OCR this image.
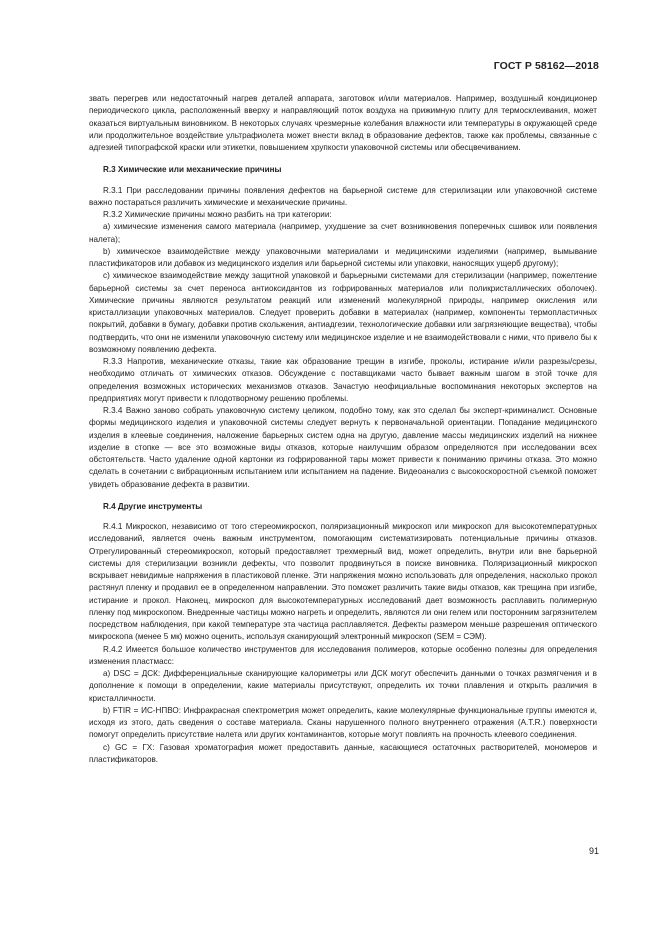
ГОСТ Р 58162—2018

звать перегрев или недостаточный нагрев деталей аппарата, заготовок и/или материалов. Например, воздушный кондиционер периодического цикла, расположенный вверху и направляющий поток воздуха на прижимную плиту для термосклеивания, может оказаться виртуальным виновником. В некоторых случаях чрезмерные колебания влажности или температуры в окружающей среде или продолжительное воздействие ультрафиолета может внести вклад в образование дефектов, также как проблемы, связанные с адгезией типографской краски или этикетки, повышением хрупкости упаковочной системы или обесцвечиванием.

R.3 Химические или механические причины

R.3.1 При расследовании причины появления дефектов на барьерной системе для стерилизации или упаковочной системе важно постараться различить химические и механические причины.

R.3.2 Химические причины можно разбить на три категории:

a) химические изменения самого материала (например, ухудшение за счет возникновения поперечных сшивок или появления налета);

b) химическое взаимодействие между упаковочными материалами и медицинскими изделиями (например, вымывание пластификаторов или добавок из медицинского изделия или барьерной системы или упаковки, наносящих ущерб другому);

c) химическое взаимодействие между защитной упаковкой и барьерными системами для стерилизации (например, пожелтение барьерной системы за счет переноса антиоксидантов из гофрированных материалов или поликристаллических оболочек). Химические причины являются результатом реакций или изменений молекулярной природы, например окисления или кристаллизации упаковочных материалов. Следует проверить добавки в материалах (например, компоненты термопластичных покрытий, добавки в бумагу, добавки против скольжения, антиадгезии, технологические добавки или загрязняющие вещества), чтобы подтвердить, что они не изменили упаковочную систему или медицинское изделие и не взаимодействовали с ними, что привело бы к возможному появлению дефекта.

R.3.3 Напротив, механические отказы, такие как образование трещин в изгибе, проколы, истирание и/или разрезы/срезы, необходимо отличать от химических отказов. Обсуждение с поставщиками часто бывает важным шагом в этой точке для определения возможных исторических механизмов отказов. Зачастую неофициальные воспоминания некоторых экспертов на предприятиях могут привести к плодотворному решению проблемы.

R.3.4 Важно заново собрать упаковочную систему целиком, подобно тому, как это сделал бы эксперт-криминалист. Основные формы медицинского изделия и упаковочной системы следует вернуть к первоначальной ориентации. Попадание медицинского изделия в клеевые соединения, наложение барьерных систем одна на другую, давление массы медицинских изделий на нижнее изделие в стопке — все это возможные виды отказов, которые наилучшим образом определяются при исследовании всех обстоятельств. Часто удаление одной картонки из гофрированной тары может привести к пониманию причины отказа. Это можно сделать в сочетании с вибрационным испытанием или испытанием на падение. Видеоанализ с высокоскоростной съемкой поможет увидеть образование дефекта в развитии.

R.4 Другие инструменты

R.4.1 Микроскоп, независимо от того стереомикроскоп, поляризационный микроскоп или микроскоп для высокотемпературных исследований, является очень важным инструментом, помогающим систематизировать потенциальные причины отказов. Отрегулированный стереомикроскоп, который предоставляет трехмерный вид, может определить, внутри или вне барьерной системы для стерилизации возникли дефекты, что позволит продвинуться в поиске виновника. Поляризационный микроскоп вскрывает невидимые напряжения в пластиковой пленке. Эти напряжения можно использовать для определения, насколько прокол растянул пленку и продавил ее в определенном направлении. Это поможет различить такие виды отказов, как трещина при изгибе, истирание и прокол. Наконец, микроскоп для высокотемпературных исследований дает возможность расплавить полимерную пленку под микроскопом. Внедренные частицы можно нагреть и определить, являются ли они гелем или посторонним загрязнителем посредством наблюдения, при какой температуре эта частица расплавляется. Дефекты размером меньше разрешения оптического микроскопа (менее 5 мк) можно оценить, используя сканирующий электронный микроскоп (SEM = СЭМ).

R.4.2 Имеется большое количество инструментов для исследования полимеров, которые особенно полезны для определения изменения пластмасс:

a) DSC = ДСК: Дифференциальные сканирующие калориметры или ДСК могут обеспечить данными о точках размягчения и в дополнение к помощи в определении, какие материалы присутствуют, определить их точки плавления и открыть различия в кристалличности.

b) FTIR = ИС-НПВО: Инфракрасная спектрометрия может определить, какие молекулярные функциональные группы имеются и, исходя из этого, дать сведения о составе материала. Сканы нарушенного полного внутреннего отражения (A.T.R.) поверхности помогут определить присутствие налета или других контаминантов, которые могут повлиять на прочность клеевого соединения.

c) GC = ГХ: Газовая хроматография может предоставить данные, касающиеся остаточных растворителей, мономеров и пластификаторов.

91
